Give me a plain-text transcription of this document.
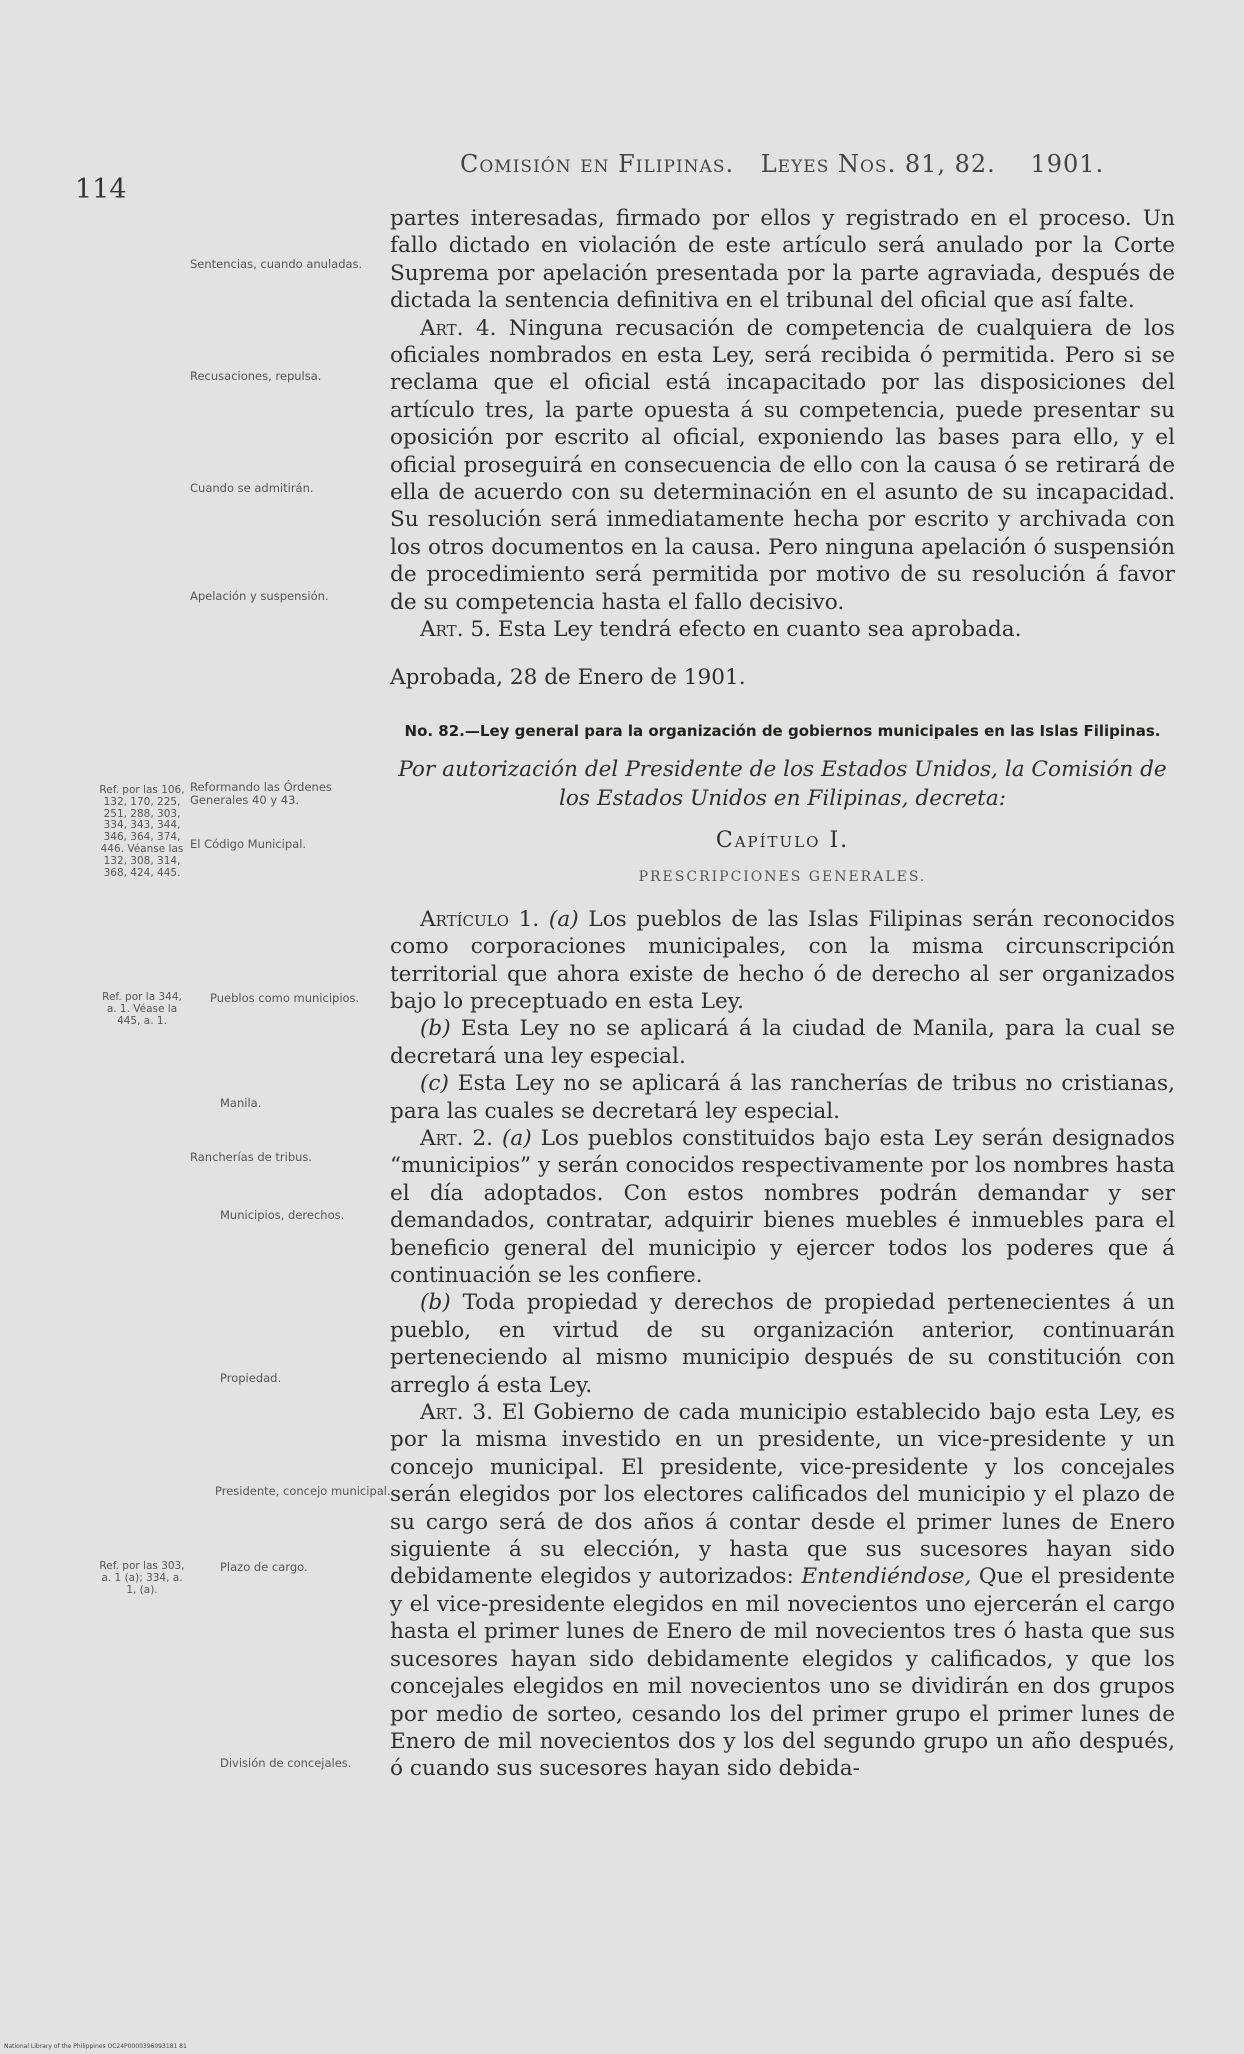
114
Comisión en Filipinas. Leyes Nos. 81, 82. 1901.
Sentencias, cuando anuladas.
Recusaciones, repulsa.
Cuando se admitirán.
Apelación y suspensión.
Reformando las Órdenes Generales 40 y 43.
El Código Municipal.
Pueblos como municipios.
Manila.
Rancherías de tribus.
Municipios, derechos.
Propiedad.
Presidente, concejo municipal.
Plazo de cargo.
División de concejales.
Ref. por las 106, 132, 170, 225, 251, 288, 303, 334, 343, 344, 346, 364, 374, 446. Véanse las 132, 308, 314, 368, 424, 445.
Ref. por la 344, a. 1. Véase la 445, a. 1.
Ref. por las 303, a. 1 (a); 334, a. 1, (a).

partes interesadas, firmado por ellos y registrado en el proceso. Un fallo dictado en violación de este artículo será anulado por la Corte Suprema por apelación presentada por la parte agraviada, después de dictada la sentencia definitiva en el tribunal del oficial que así falte.

Art. 4. Ninguna recusación de competencia de cualquiera de los oficiales nombrados en esta Ley, será recibida ó permitida. Pero si se reclama que el oficial está incapacitado por las disposiciones del artículo tres, la parte opuesta á su competencia, puede presentar su oposición por escrito al oficial, exponiendo las bases para ello, y el oficial proseguirá en consecuencia de ello con la causa ó se retirará de ella de acuerdo con su determinación en el asunto de su incapacidad. Su resolución será inmediatamente hecha por escrito y archivada con los otros documentos en la causa. Pero ninguna apelación ó suspensión de procedimiento será permitida por motivo de su resolución á favor de su competencia hasta el fallo decisivo.

Art. 5. Esta Ley tendrá efecto en cuanto sea aprobada.

Aprobada, 28 de Enero de 1901.

No. 82.—Ley general para la organización de gobiernos municipales en las Islas Filipinas.

Por autorización del Presidente de los Estados Unidos, la Comisión de los Estados Unidos en Filipinas, decreta:

Capítulo I.

PRESCRIPCIONES GENERALES.

Artículo 1. (a) Los pueblos de las Islas Filipinas serán reconocidos como corporaciones municipales, con la misma circunscripción territorial que ahora existe de hecho ó de derecho al ser organizados bajo lo preceptuado en esta Ley.

(b) Esta Ley no se aplicará á la ciudad de Manila, para la cual se decretará una ley especial.

(c) Esta Ley no se aplicará á las rancherías de tribus no cristianas, para las cuales se decretará ley especial.

Art. 2. (a) Los pueblos constituidos bajo esta Ley serán designados “municipios” y serán conocidos respectivamente por los nombres hasta el día adoptados. Con estos nombres podrán demandar y ser demandados, contratar, adquirir bienes muebles é inmuebles para el beneficio general del municipio y ejercer todos los poderes que á continuación se les confiere.

(b) Toda propiedad y derechos de propiedad pertenecientes á un pueblo, en virtud de su organización anterior, continuarán perteneciendo al mismo municipio después de su constitución con arreglo á esta Ley.

Art. 3. El Gobierno de cada municipio establecido bajo esta Ley, es por la misma investido en un presidente, un vice-presidente y un concejo municipal. El presidente, vice-presidente y los concejales serán elegidos por los electores calificados del municipio y el plazo de su cargo será de dos años á contar desde el primer lunes de Enero siguiente á su elección, y hasta que sus sucesores hayan sido debidamente elegidos y autorizados: Entendiéndose, Que el presidente y el vice-presidente elegidos en mil novecientos uno ejercerán el cargo hasta el primer lunes de Enero de mil novecientos tres ó hasta que sus sucesores hayan sido debidamente elegidos y calificados, y que los concejales elegidos en mil novecientos uno se dividirán en dos grupos por medio de sorteo, cesando los del primer grupo el primer lunes de Enero de mil novecientos dos y los del segundo grupo un año después, ó cuando sus sucesores hayan sido debida-

National Library of the Philippines OC24P0000396093181 81
